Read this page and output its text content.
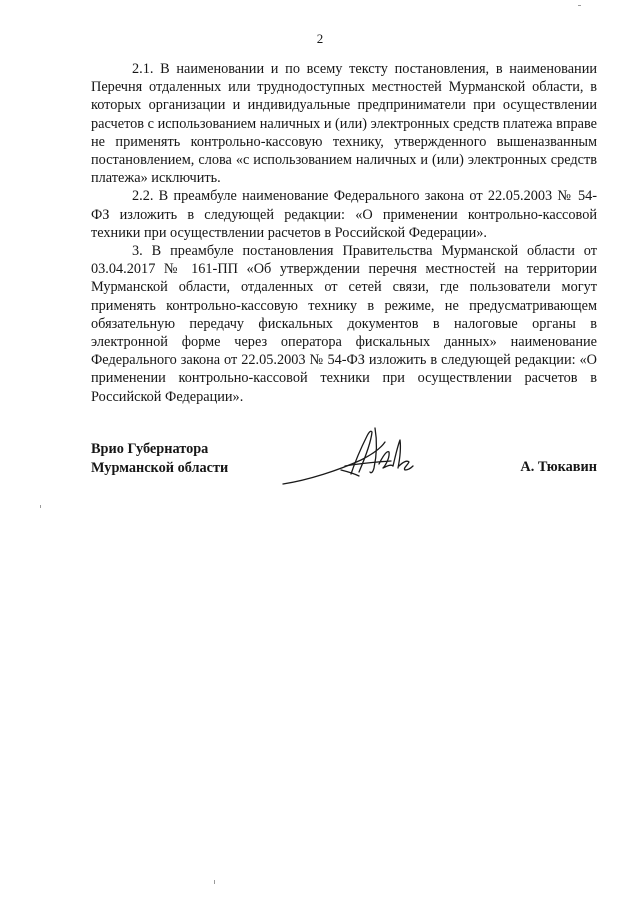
2

2.1. В наименовании и по всему тексту постановления, в наименовании Перечня отдаленных или труднодоступных местностей Мурманской области, в которых организации и индивидуальные предприниматели при осуществлении расчетов с использованием наличных и (или) электронных средств платежа вправе не применять контрольно-кассовую технику, утвержденного вышеназванным постановлением, слова «с использованием наличных и (или) электронных средств платежа» исключить.

2.2. В преамбуле наименование Федерального закона от 22.05.2003 № 54-ФЗ изложить в следующей редакции: «О применении контрольно-кассовой техники при осуществлении расчетов в Российской Федерации».

3. В преамбуле постановления Правительства Мурманской области от 03.04.2017 № 161-ПП «Об утверждении перечня местностей на территории Мурманской области, отдаленных от сетей связи, где пользователи могут применять контрольно-кассовую технику в режиме, не предусматривающем обязательную передачу фискальных документов в налоговые органы в электронной форме через оператора фискальных данных» наименование Федерального закона от 22.05.2003 № 54-ФЗ изложить в следующей редакции: «О применении контрольно-кассовой техники при осуществлении расчетов в Российской Федерации».

Врио Губернатора
Мурманской области	А. Тюкавин
